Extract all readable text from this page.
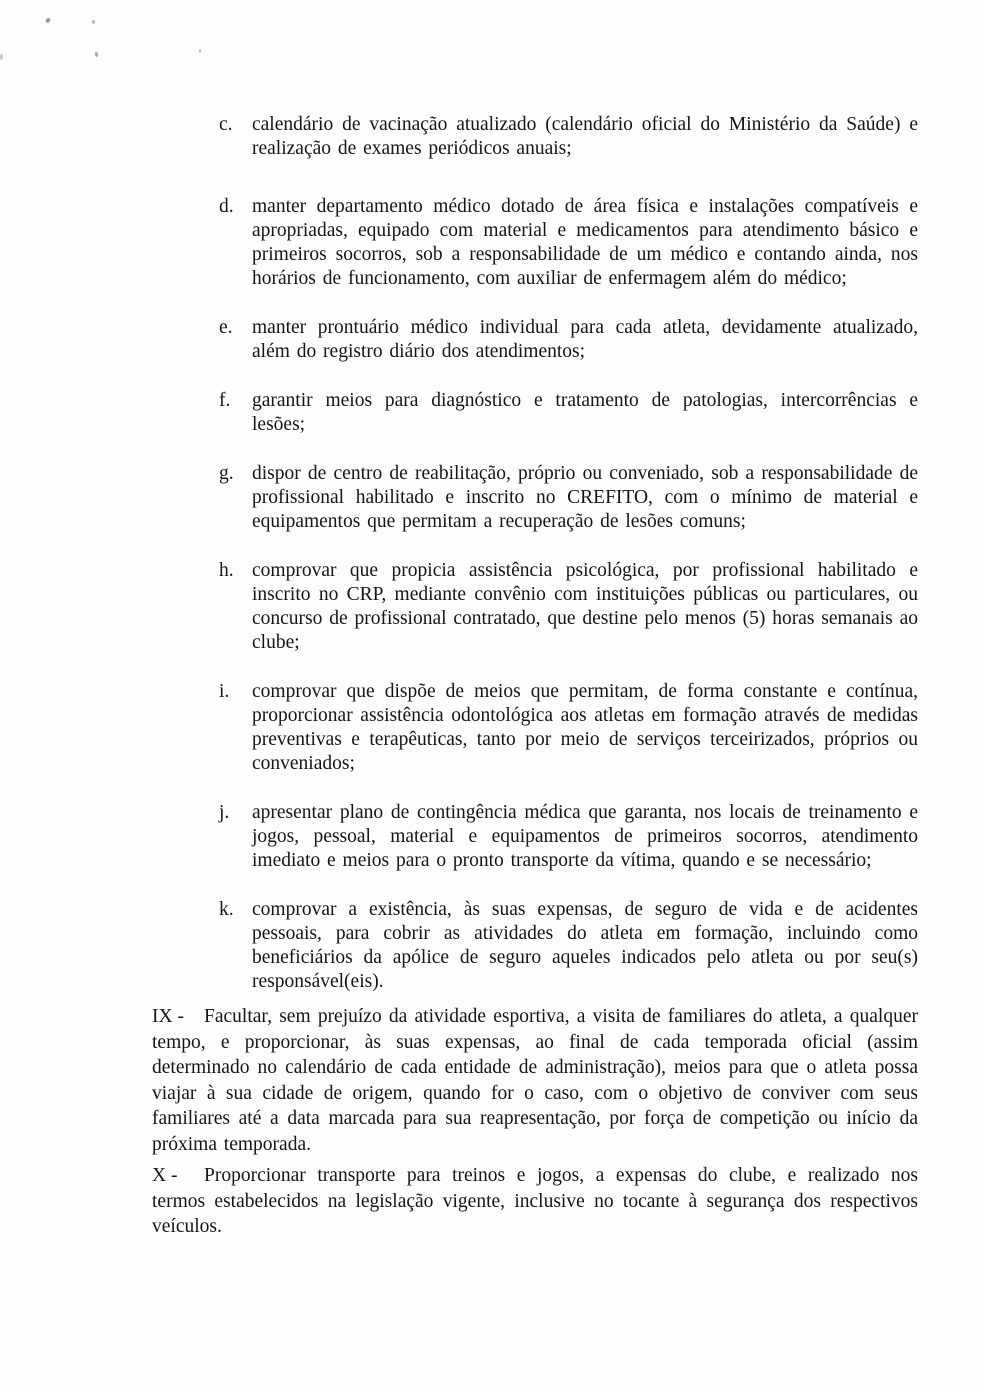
c. calendário de vacinação atualizado (calendário oficial do Ministério da Saúde) e realização de exames periódicos anuais;
d. manter departamento médico dotado de área física e instalações compatíveis e apropriadas, equipado com material e medicamentos para atendimento básico e primeiros socorros, sob a responsabilidade de um médico e contando ainda, nos horários de funcionamento, com auxiliar de enfermagem além do médico;
e. manter prontuário médico individual para cada atleta, devidamente atualizado, além do registro diário dos atendimentos;
f. garantir meios para diagnóstico e tratamento de patologias, intercorrências e lesões;
g. dispor de centro de reabilitação, próprio ou conveniado, sob a responsabilidade de profissional habilitado e inscrito no CREFITO, com o mínimo de material e equipamentos que permitam a recuperação de lesões comuns;
h. comprovar que propicia assistência psicológica, por profissional habilitado e inscrito no CRP, mediante convênio com instituições públicas ou particulares, ou concurso de profissional contratado, que destine pelo menos (5) horas semanais ao clube;
i. comprovar que dispõe de meios que permitam, de forma constante e contínua, proporcionar assistência odontológica aos atletas em formação através de medidas preventivas e terapêuticas, tanto por meio de serviços terceirizados, próprios ou conveniados;
j. apresentar plano de contingência médica que garanta, nos locais de treinamento e jogos, pessoal, material e equipamentos de primeiros socorros, atendimento imediato e meios para o pronto transporte da vítima, quando e se necessário;
k. comprovar a existência, às suas expensas, de seguro de vida e de acidentes pessoais, para cobrir as atividades do atleta em formação, incluindo como beneficiários da apólice de seguro aqueles indicados pelo atleta ou por seu(s) responsável(eis).

IX - Facultar, sem prejuízo da atividade esportiva, a visita de familiares do atleta, a qualquer tempo, e proporcionar, às suas expensas, ao final de cada temporada oficial (assim determinado no calendário de cada entidade de administração), meios para que o atleta possa viajar à sua cidade de origem, quando for o caso, com o objetivo de conviver com seus familiares até a data marcada para sua reapresentação, por força de competição ou início da próxima temporada.

X - Proporcionar transporte para treinos e jogos, a expensas do clube, e realizado nos termos estabelecidos na legislação vigente, inclusive no tocante à segurança dos respectivos veículos.
